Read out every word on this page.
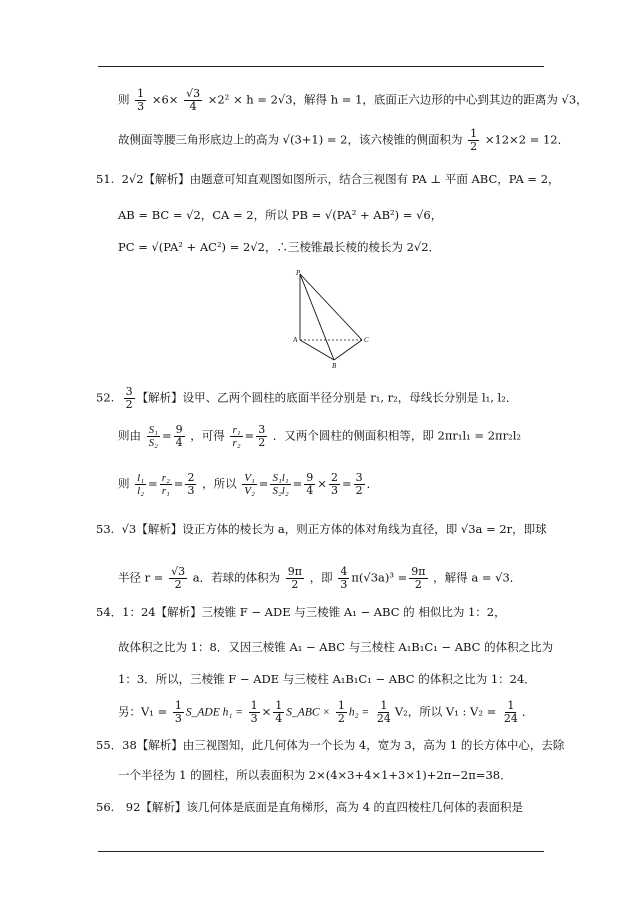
则 $\frac{1}{3} \times 6\times \frac{√3}{4} \times 2^2 \times h = 2√3$，解得 h = 1，底面正六边形的中心到其边的距离为 √3，
故侧面等腰三角形底边上的高为 √(3+1) = 2，该六棱锥的侧面积为 $\frac{1}{2} \times 12\times 2 = 12$．
51. 2√2【解析】由题意可知直观图如图所示，结合三视图有 PA ⊥ 平面 ABC，PA = 2，
AB = BC = √2，CA = 2，所以 PB = √(PA² + AB²) = √6，
PC = √(PA² + AC²) = 2√2，∴三棱锥最长棱的棱长为 2√2．
P
A
B
C
52. $\frac{3}{2}$ 【解析】设甲、乙两个圆柱的底面半径分别是 r₁, r₂，母线长分别是 l₁, l₂．
则由 $\frac{\text{S₁}}{\text{S₂}} = \frac{9}{4}$ ，可得 $\frac{\text{r₁}}{\text{r₂}} = \frac{3}{2}$ ．又两个圆柱的侧面积相等，即 2πr₁l₁ = 2πr₂l₂
则 $\frac{\text{l₁}}{\text{l₂}} = \frac{\text{r₂}}{\text{r₁}} = \frac{2}{3}$ ，所以 $\frac{\text{V₁}}{\text{V₂}} = \frac{\text{S₁l₁}}{\text{S₂l₂}} = \frac{9}{4} \times \frac{2}{3} = \frac{3}{2}$ ．
53. √3【解析】设正方体的棱长为 a，则正方体的体对角线为直径，即 √3a = 2r，即球
半径 $r = \frac{√3}{2}$ a．若球的体积为 $\frac{9\pi}{2}$ ，即 $\frac{4}{3} \pi(√3a)^3 = \frac{9\pi}{2}$ ，解得 a = √3．
54．1：24【解析】三棱锥 F − ADE 与三棱锥 A₁ − ABC 的 相似比为 1：2，
故体积之比为 1：8．又因三棱锥 A₁ − ABC 与三棱柱 A₁B₁C₁ − ABC 的体积之比为
1：3．所以，三棱锥 F − ADE 与三棱柱 A₁B₁C₁ − ABC 的体积之比为 1：24．
另：$V_1 = \frac{1}{3}$ S_ADE $h_1 = \frac{1}{3} \times \frac{1}{4}$ S_ABC × $\frac{1}{2} h_2 = \frac{1}{24} V_2$，所以 V₁ : $V_2 = \frac{1}{24}$ ．
55．38【解析】由三视图知，此几何体为一个长为 4，宽为 3，高为 1 的长方体中心，去除
一个半径为 1 的圆柱，所以表面积为 2×(4×3+4×1+3×1)+2π−2π=38．
56.　92【解析】该几何体是底面是直角梯形，高为 4 的直四棱柱几何体的表面积是
